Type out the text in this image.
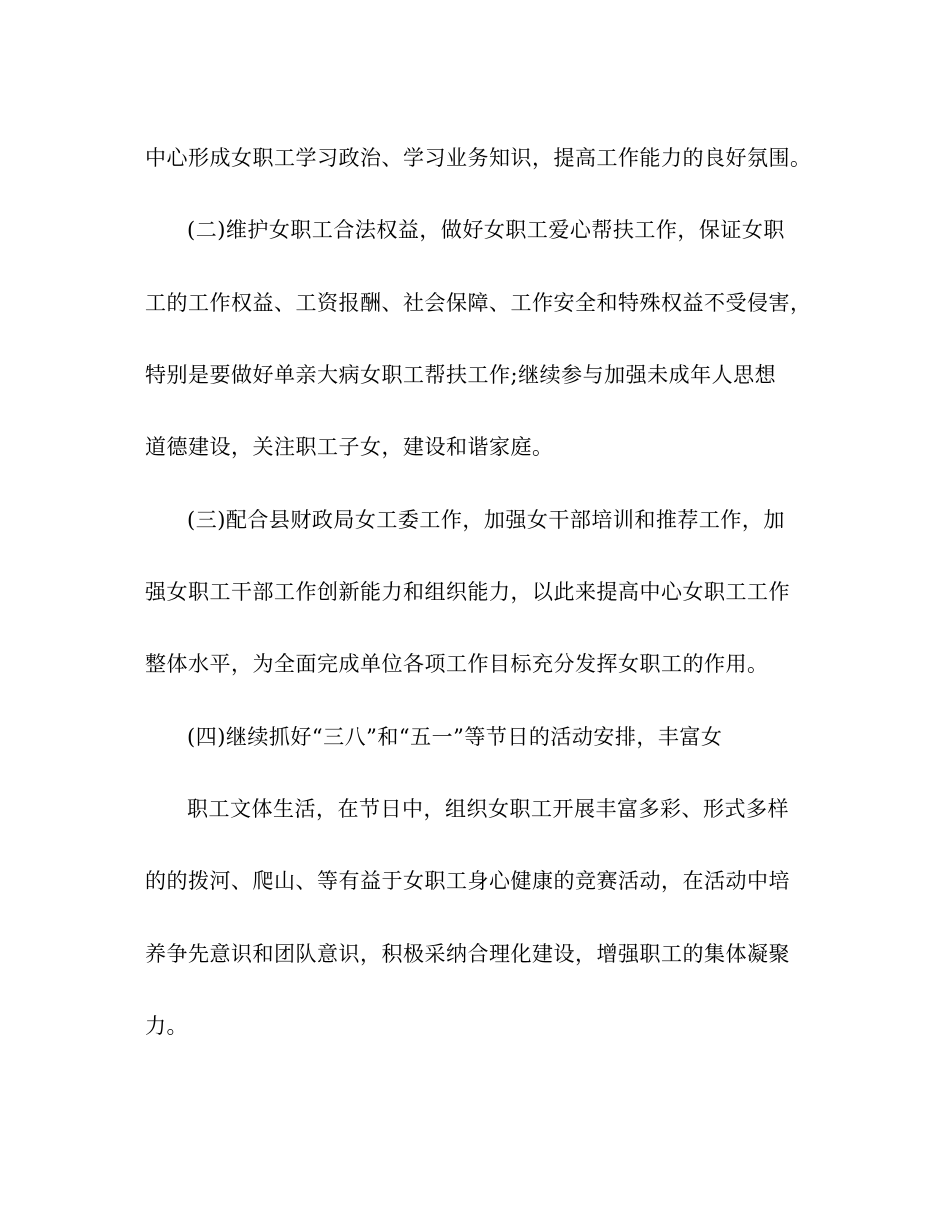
中心形成女职工学习政治、学习业务知识，提高工作能力的良好氛围。
(二)维护女职工合法权益，做好女职工爱心帮扶工作，保证女职
工的工作权益、工资报酬、社会保障、工作安全和特殊权益不受侵害，
特别是要做好单亲大病女职工帮扶工作;继续参与加强未成年人思想
道德建设，关注职工子女，建设和谐家庭。
(三)配合县财政局女工委工作，加强女干部培训和推荐工作，加
强女职工干部工作创新能力和组织能力，以此来提高中心女职工工作
整体水平，为全面完成单位各项工作目标充分发挥女职工的作用。
(四)继续抓好“三八”和“五一”等节日的活动安排，丰富女
职工文体生活，在节日中，组织女职工开展丰富多彩、形式多样
的的拨河、爬山、等有益于女职工身心健康的竞赛活动，在活动中培
养争先意识和团队意识，积极采纳合理化建设，增强职工的集体凝聚
力。
